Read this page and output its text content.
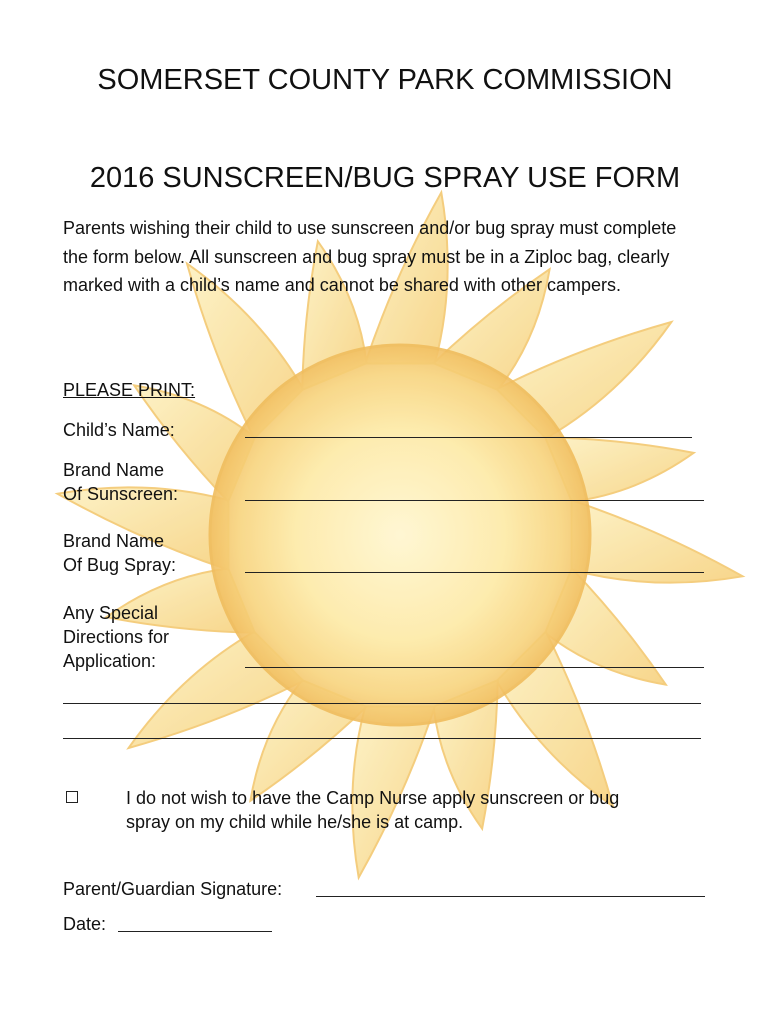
SOMERSET COUNTY PARK COMMISSION
2016 SUNSCREEN/BUG SPRAY USE FORM
Parents wishing their child to use sunscreen and/or bug spray must complete the form below. All sunscreen and bug spray must be in a Ziploc bag, clearly marked with a child’s name and cannot be shared with other campers.
PLEASE PRINT:
Child’s Name:
Brand Name
Of Sunscreen:
Brand Name
Of Bug Spray:
Any Special
Directions for
Application:
I do not wish to have the Camp Nurse apply sunscreen or bug
spray on my child while he/she is at camp.
Parent/Guardian Signature:
Date:
